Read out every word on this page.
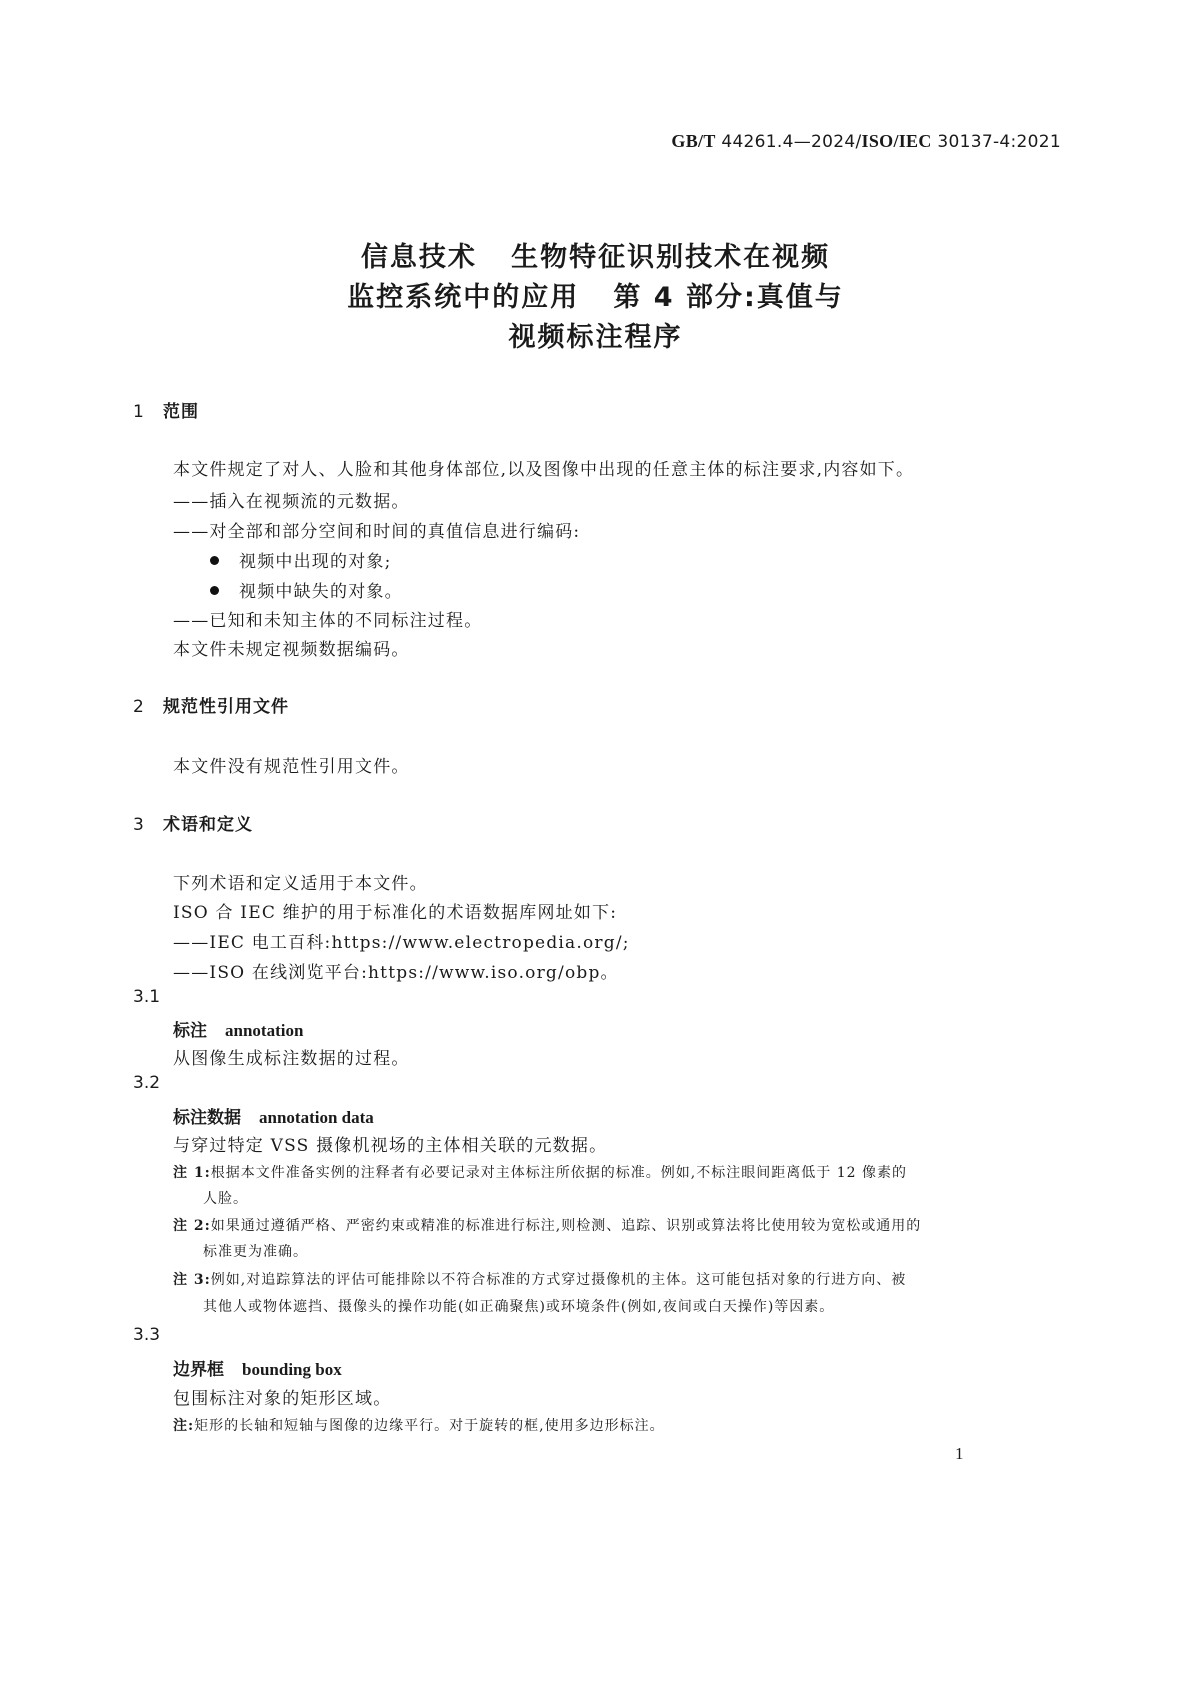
GB/T 44261.4—2024/ISO/IEC 30137-4:2021
信息技术   生物特征识别技术在视频
监控系统中的应用   第 4 部分:真值与
视频标注程序
1 范围
本文件规定了对人、人脸和其他身体部位,以及图像中出现的任意主体的标注要求,内容如下。
——插入在视频流的元数据。
——对全部和部分空间和时间的真值信息进行编码:
视频中出现的对象;
视频中缺失的对象。
——已知和未知主体的不同标注过程。
本文件未规定视频数据编码。
2 规范性引用文件
本文件没有规范性引用文件。
3 术语和定义
下列术语和定义适用于本文件。
ISO 合 IEC 维护的用于标准化的术语数据库网址如下:
——IEC 电工百科:https://www.electropedia.org/;
——ISO 在线浏览平台:https://www.iso.org/obp。
3.1
标注 annotation
从图像生成标注数据的过程。
3.2
标注数据 annotation data
与穿过特定 VSS 摄像机视场的主体相关联的元数据。
注 1:根据本文件准备实例的注释者有必要记录对主体标注所依据的标准。例如,不标注眼间距离低于 12 像素的
人脸。
注 2:如果通过遵循严格、严密约束或精准的标准进行标注,则检测、追踪、识别或算法将比使用较为宽松或通用的
标准更为准确。
注 3:例如,对追踪算法的评估可能排除以不符合标准的方式穿过摄像机的主体。这可能包括对象的行进方向、被
其他人或物体遮挡、摄像头的操作功能(如正确聚焦)或环境条件(例如,夜间或白天操作)等因素。
3.3
边界框 bounding box
包围标注对象的矩形区域。
注:矩形的长轴和短轴与图像的边缘平行。对于旋转的框,使用多边形标注。
1
